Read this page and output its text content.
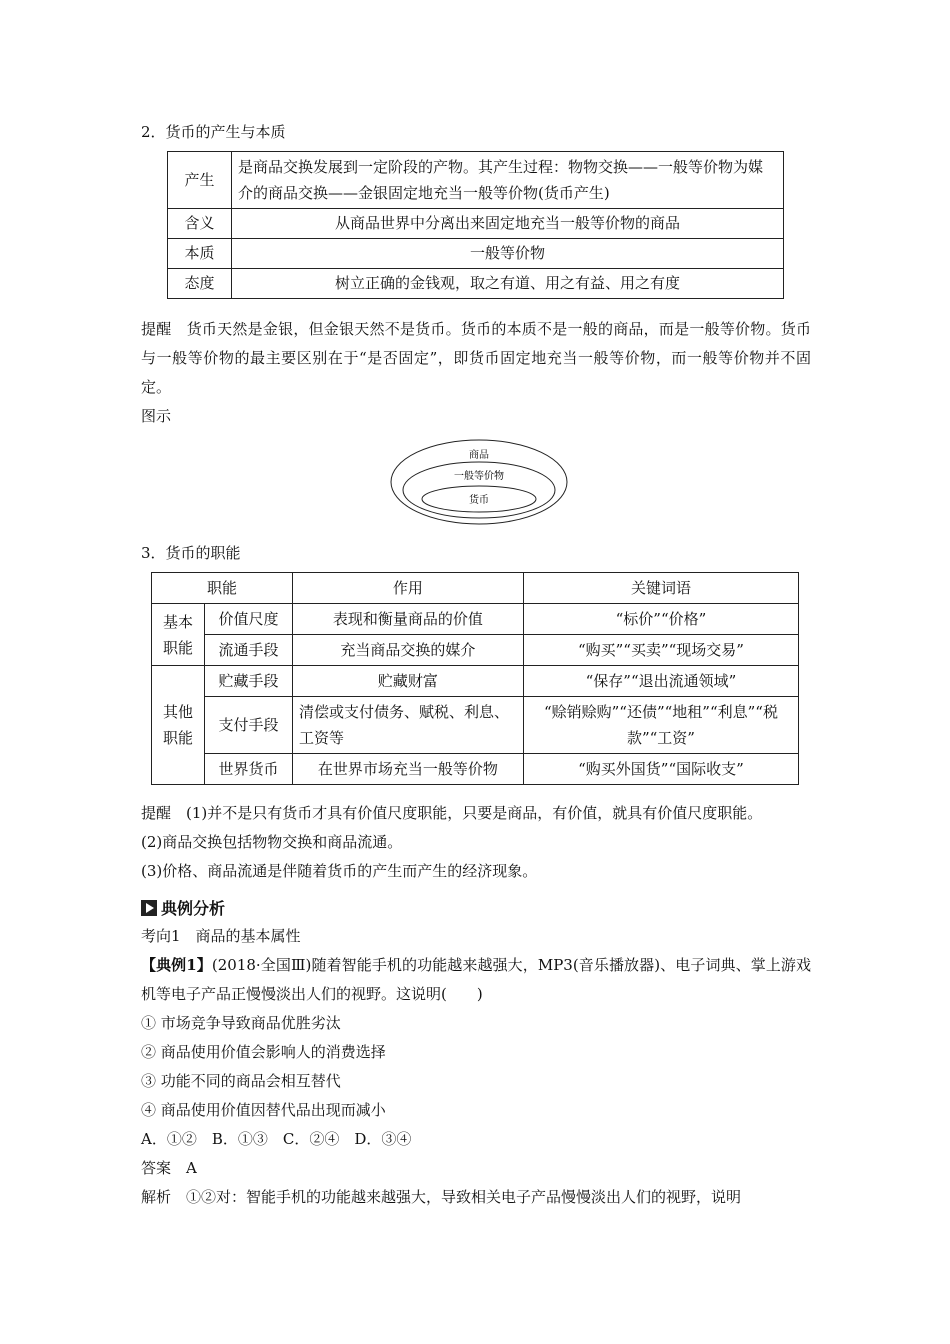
2．货币的产生与本质
产生	是商品交换发展到一定阶段的产物。其产生过程：物物交换——一般等价物为媒介的商品交换——金银固定地充当一般等价物(货币产生)
含义	从商品世界中分离出来固定地充当一般等价物的商品
本质	一般等价物
态度	树立正确的金钱观，取之有道、用之有益、用之有度
提醒　货币天然是金银，但金银天然不是货币。货币的本质不是一般的商品，而是一般等价物。货币与一般等价物的最主要区别在于“是否固定”，即货币固定地充当一般等价物，而一般等价物并不固定。
图示
商品
一般等价物
货币
3．货币的职能
职能		作用	关键词语
基本职能	价值尺度	表现和衡量商品的价值	“标价”“价格”
	流通手段	充当商品交换的媒介	“购买”“买卖”“现场交易”
其他职能	贮藏手段	贮藏财富	“保存”“退出流通领域”
	支付手段	清偿或支付债务、赋税、利息、工资等	“赊销赊购”“还债”“地租”“利息”“税款”“工资”
	世界货币	在世界市场充当一般等价物	“购买外国货”“国际收支”
提醒　(1)并不是只有货币才具有价值尺度职能，只要是商品，有价值，就具有价值尺度职能。
(2)商品交换包括物物交换和商品流通。
(3)价格、商品流通是伴随着货币的产生而产生的经济现象。
典例分析
考向1　商品的基本属性
【典例1】(2018·全国Ⅲ)随着智能手机的功能越来越强大，MP3(音乐播放器)、电子词典、掌上游戏机等电子产品正慢慢淡出人们的视野。这说明(　　)
① 市场竞争导致商品优胜劣汰
② 商品使用价值会影响人的消费选择
③ 功能不同的商品会相互替代
④ 商品使用价值因替代品出现而减小
A．①②　B．①③　C．②④　D．③④
答案　A
解析　①②对：智能手机的功能越来越强大，导致相关电子产品慢慢淡出人们的视野，说明
